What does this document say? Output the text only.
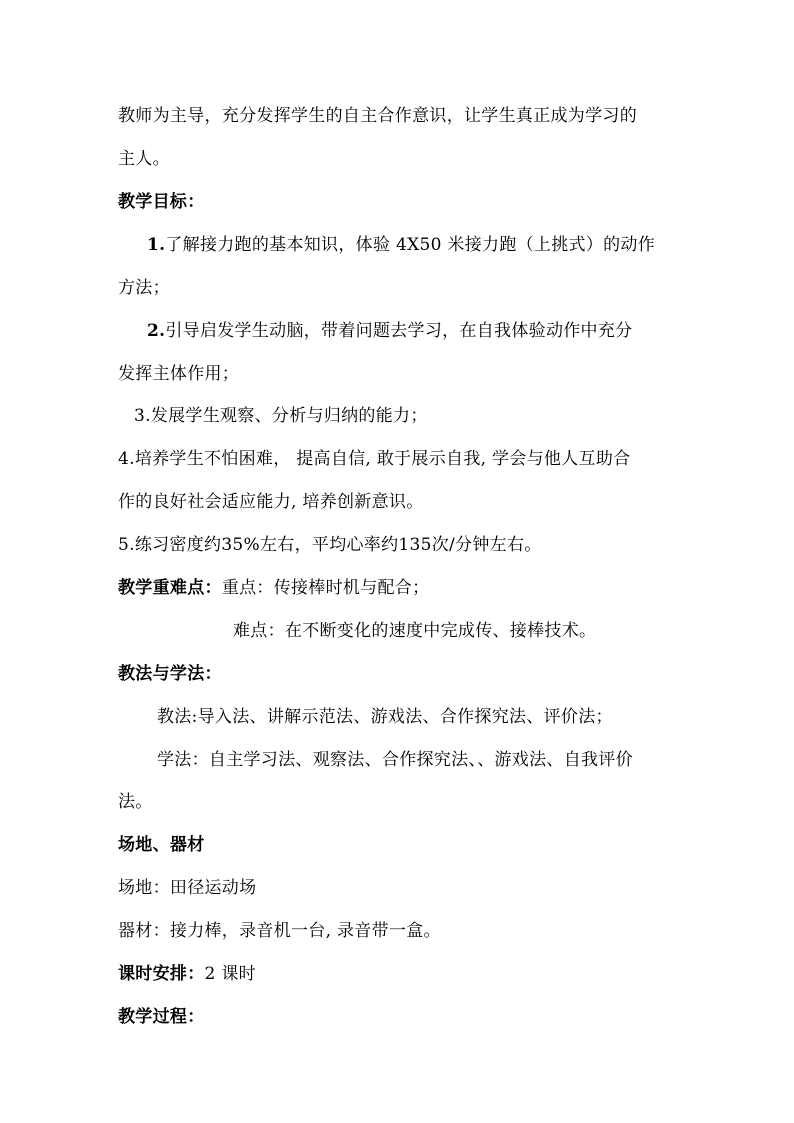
教师为主导，充分发挥学生的自主合作意识，让学生真正成为学习的
主人。
教学目标：
1.了解接力跑的基本知识，体验 4X50 米接力跑（上挑式）的动作
方法；
2.引导启发学生动脑，带着问题去学习，在自我体验动作中充分
发挥主体作用；
3.发展学生观察、分析与归纳的能力；
4.培养学生不怕困难， 提高自信, 敢于展示自我, 学会与他人互助合
作的良好社会适应能力, 培养创新意识。
5.练习密度约35%左右，平均心率约135次/分钟左右。
教学重难点：重点：传接棒时机与配合；
难点：在不断变化的速度中完成传、接棒技术。
教法与学法：
教法:导入法、讲解示范法、游戏法、合作探究法、评价法；
学法：自主学习法、观察法、合作探究法、、游戏法、自我评价
法。
场地、器材
场地：田径运动场
器材：接力棒，录音机一台, 录音带一盒。
课时安排：2 课时
教学过程：
